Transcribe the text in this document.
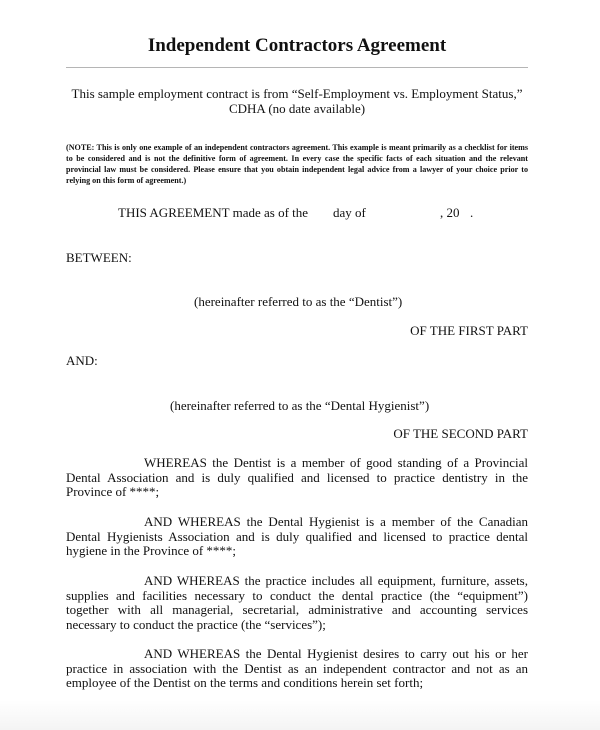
Independent Contractors Agreement
This sample employment contract is from “Self-Employment vs. Employment Status,”
CDHA (no date available)
(NOTE: This is only one example of an independent contractors agreement. This example is meant primarily as a checklist for items to be considered and is not the definitive form of agreement. In every case the specific facts of each situation and the relevant provincial law must be considered. Please ensure that you obtain independent legal advice from a lawyer of your choice prior to relying on this form of agreement.)
THIS AGREEMENT made as of the day of	, 20 .
BETWEEN:
(hereinafter referred to as the “Dentist”)
OF THE FIRST PART
AND:
(hereinafter referred to as the “Dental Hygienist”)
OF THE SECOND PART
WHEREAS the Dentist is a member of good standing of a Provincial Dental Association and is duly qualified and licensed to practice dentistry in the Province of ****;
AND WHEREAS the Dental Hygienist is a member of the Canadian Dental Hygienists Association and is duly qualified and licensed to practice dental hygiene in the Province of ****;
AND WHEREAS the practice includes all equipment, furniture, assets, supplies and facilities necessary to conduct the dental practice (the “equipment”) together with all managerial, secretarial, administrative and accounting services necessary to conduct the practice (the “services”);
AND WHEREAS the Dental Hygienist desires to carry out his or her practice in association with the Dentist as an independent contractor and not as an employee of the Dentist on the terms and conditions herein set forth;
